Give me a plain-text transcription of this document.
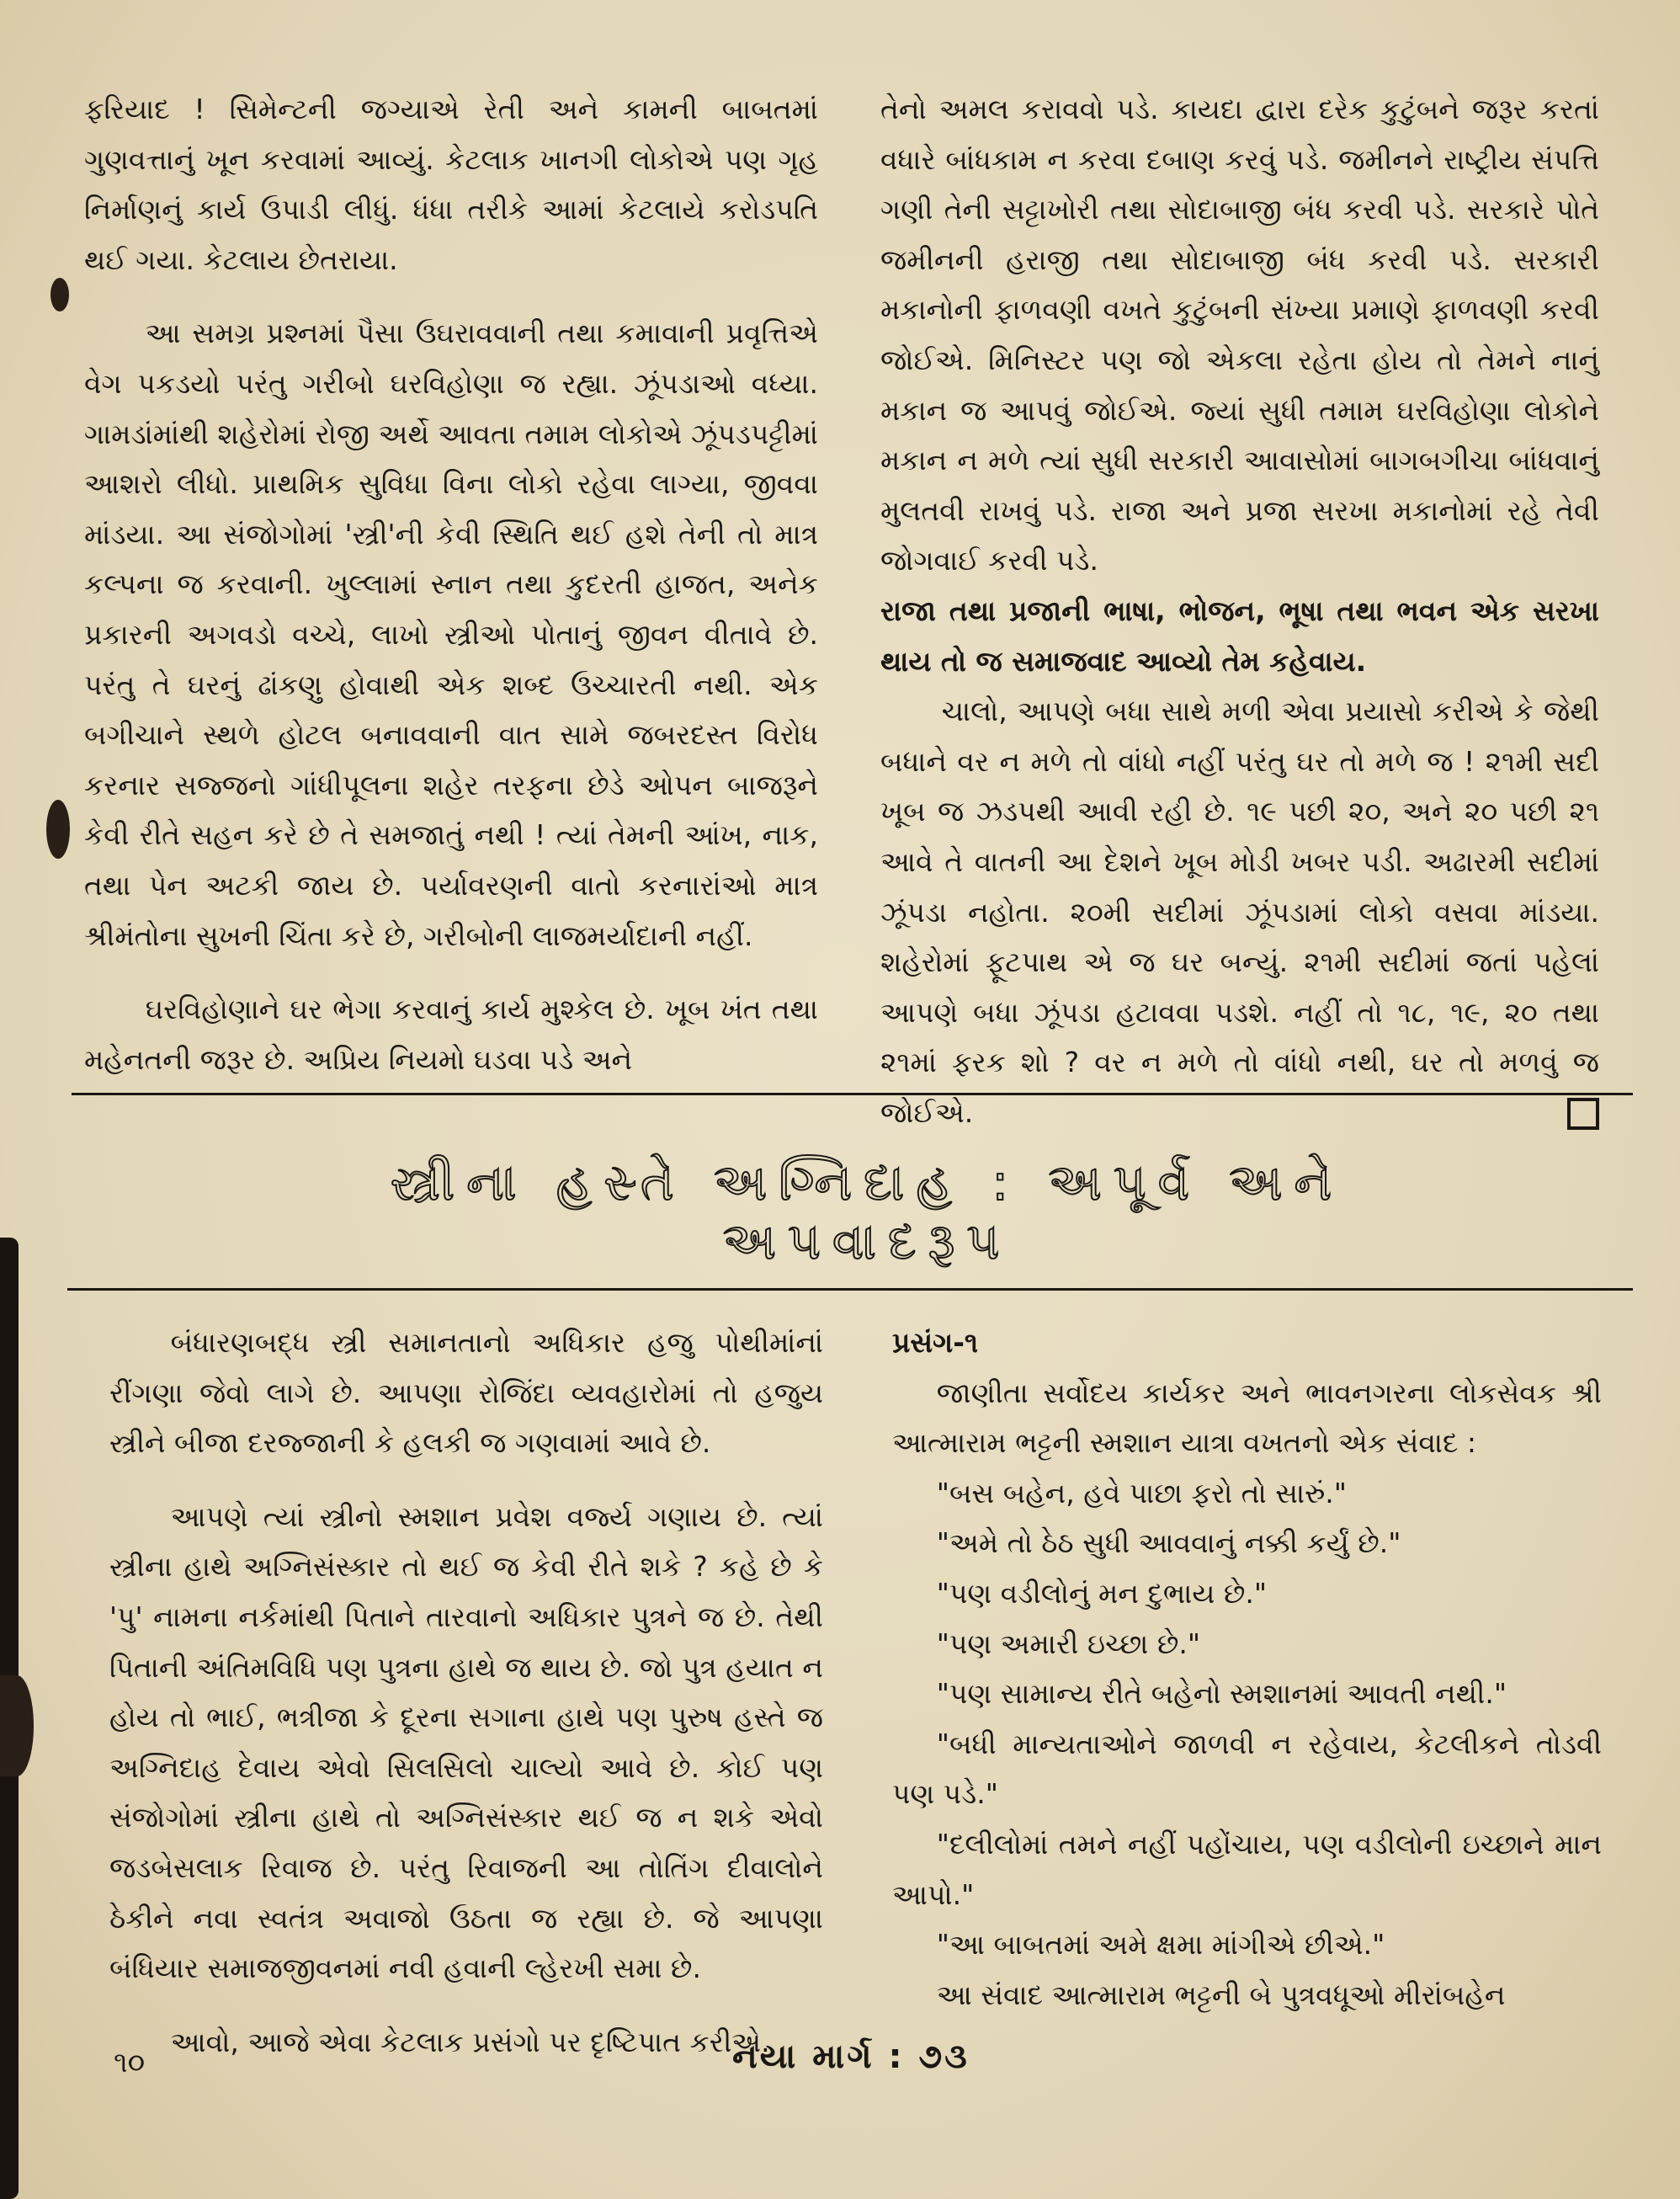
ફરિયાદ ! સિમેન્ટની જગ્યાએ રેતી અને કામની બાબતમાં ગુણવત્તાનું ખૂન કરવામાં આવ્યું. કેટલાક ખાનગી લોકોએ પણ ગૃહ નિર્માણનું કાર્ય ઉપાડી લીધું. ધંધા તરીકે આમાં કેટલાયે કરોડપતિ થઈ ગયા. કેટલાય છેતરાયા.

આ સમગ્ર પ્રશ્નમાં પૈસા ઉઘરાવવાની તથા કમાવાની પ્રવૃત્તિએ વેગ પકડયો પરંતુ ગરીબો ઘરવિહોણા જ રહ્યા. ઝૂંપડાઓ વધ્યા. ગામડાંમાંથી શહેરોમાં રોજી અર્થે આવતા તમામ લોકોએ ઝૂંપડપટ્ટીમાં આશરો લીધો. પ્રાથમિક સુવિધા વિના લોકો રહેવા લાગ્યા, જીવવા માંડયા. આ સંજોગોમાં 'સ્ત્રી'ની કેવી સ્થિતિ થઈ હશે તેની તો માત્ર કલ્પના જ કરવાની. ખુલ્લામાં સ્નાન તથા કુદરતી હાજત, અનેક પ્રકારની અગવડો વચ્ચે, લાખો સ્ત્રીઓ પોતાનું જીવન વીતાવે છે. પરંતુ તે ઘરનું ઢાંકણુ હોવાથી એક શબ્દ ઉચ્ચારતી નથી. એક બગીચાને સ્થળે હોટલ બનાવવાની વાત સામે જબરદસ્ત વિરોધ કરનાર સજ્જનો ગાંધીપૂલના શહેર તરફના છેડે ઓપન બાજરૂને કેવી રીતે સહન કરે છે તે સમજાતું નથી ! ત્યાં તેમની આંખ, નાક, તથા પેન અટકી જાય છે. પર્યાવરણની વાતો કરનારાંઓ માત્ર શ્રીમંતોના સુખની ચિંતા કરે છે, ગરીબોની લાજમર્યાદાની નહીં.

ઘરવિહોણાને ઘર ભેગા કરવાનું કાર્ય મુશ્કેલ છે. ખૂબ ખંત તથા મહેનતની જરૂર છે. અપ્રિય નિયમો ઘડવા પડે અને

તેનો અમલ કરાવવો પડે. કાયદા દ્વારા દરેક કુટુંબને જરૂર કરતાં વધારે બાંધકામ ન કરવા દબાણ કરવું પડે. જમીનને રાષ્ટ્રીય સંપત્તિ ગણી તેની સટ્ટાખોરી તથા સોદાબાજી બંધ કરવી પડે. સરકારે પોતે જમીનની હરાજી તથા સોદાબાજી બંધ કરવી પડે. સરકારી મકાનોની ફાળવણી વખતે કુટુંબની સંખ્યા પ્રમાણે ફાળવણી કરવી જોઈએ. મિનિસ્ટર પણ જો એકલા રહેતા હોય તો તેમને નાનું મકાન જ આપવું જોઈએ. જ્યાં સુધી તમામ ઘરવિહોણા લોકોને મકાન ન મળે ત્યાં સુધી સરકારી આવાસોમાં બાગબગીચા બાંધવાનું મુલતવી રાખવું પડે. રાજા અને પ્રજા સરખા મકાનોમાં રહે તેવી જોગવાઈ કરવી પડે.

રાજા તથા પ્રજાની ભાષા, ભોજન, ભૂષા તથા ભવન એક સરખા થાય તો જ સમાજવાદ આવ્યો તેમ કહેવાય.

ચાલો, આપણે બધા સાથે મળી એવા પ્રયાસો કરીએ કે જેથી બધાને વર ન મળે તો વાંધો નહીં પરંતુ ઘર તો મળે જ ! ૨૧મી સદી ખૂબ જ ઝડપથી આવી રહી છે. ૧૯ પછી ૨૦, અને ૨૦ પછી ૨૧ આવે તે વાતની આ દેશને ખૂબ મોડી ખબર પડી. અઢારમી સદીમાં ઝૂંપડા નહોતા. ૨૦મી સદીમાં ઝૂંપડામાં લોકો વસવા માંડયા. શહેરોમાં ફૂટપાથ એ જ ઘર બન્યું. ૨૧મી સદીમાં જતાં પહેલાં આપણે બધા ઝૂંપડા હટાવવા પડશે. નહીં તો ૧૮, ૧૯, ૨૦ તથા ૨૧માં ફરક શો ? વર ન મળે તો વાંધો નથી, ઘર તો મળવું જ જોઈએ.

સ્ત્રીના હસ્તે અગ્નિદાહ : અપૂર્વ અને અપવાદરૂપ

બંધારણબદ્ધ સ્ત્રી સમાનતાનો અધિકાર હજુ પોથીમાંનાં રીંગણા જેવો લાગે છે. આપણા રોજિંદા વ્યવહારોમાં તો હજુય સ્ત્રીને બીજા દરજ્જાની કે હલકી જ ગણવામાં આવે છે.

આપણે ત્યાં સ્ત્રીનો સ્મશાન પ્રવેશ વર્જ્ય ગણાય છે. ત્યાં સ્ત્રીના હાથે અગ્નિસંસ્કાર તો થઈ જ કેવી રીતે શકે ? કહે છે કે 'પુ' નામના નર્કમાંથી પિતાને તારવાનો અધિકાર પુત્રને જ છે. તેથી પિતાની અંતિમવિધિ પણ પુત્રના હાથે જ થાય છે. જો પુત્ર હયાત ન હોય તો ભાઈ, ભત્રીજા કે દૂરના સગાના હાથે પણ પુરુષ હસ્તે જ અગ્નિદાહ દેવાય એવો સિલસિલો ચાલ્યો આવે છે. કોઈ પણ સંજોગોમાં સ્ત્રીના હાથે તો અગ્નિસંસ્કાર થઈ જ ન શકે એવો જડબેસલાક રિવાજ છે. પરંતુ રિવાજની આ તોતિંગ દીવાલોને ઠેકીને નવા સ્વતંત્ર અવાજો ઉઠતા જ રહ્યા છે. જે આપણા બંધિયાર સમાજજીવનમાં નવી હવાની લ્હેરખી સમા છે.

આવો, આજે એવા કેટલાક પ્રસંગો પર દૃષ્ટિપાત કરીએ.

પ્રસંગ-૧

જાણીતા સર્વોદય કાર્યકર અને ભાવનગરના લોકસેવક શ્રી આત્મારામ ભટ્ટની સ્મશાન યાત્રા વખતનો એક સંવાદ :

"બસ બહેન, હવે પાછા ફરો તો સારું."

"અમે તો ઠેઠ સુધી આવવાનું નક્કી કર્યું છે."

"પણ વડીલોનું મન દુભાય છે."

"પણ અમારી ઇચ્છા છે."

"પણ સામાન્ય રીતે બહેનો સ્મશાનમાં આવતી નથી."

"બધી માન્યતાઓને જાળવી ન રહેવાય, કેટલીકને તોડવી પણ પડે."

"દલીલોમાં તમને નહીં પહોંચાય, પણ વડીલોની ઇચ્છાને માન આપો."

"આ બાબતમાં અમે ક્ષમા માંગીએ છીએ."

આ સંવાદ આત્મારામ ભટ્ટની બે પુત્રવધૂઓ મીરાંબહેન

૧૦	નયા માર્ગ : ૭૩
